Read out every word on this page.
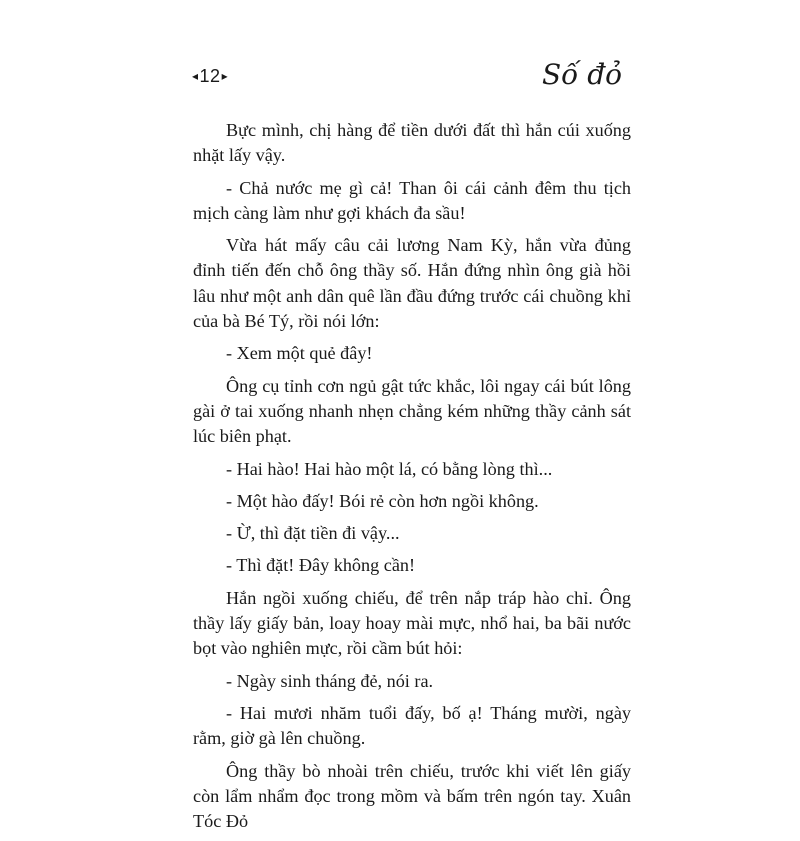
◂ 12 ▸	Số đỏ

Bực mình, chị hàng để tiền dưới đất thì hắn cúi xuống nhặt lấy vậy.

- Chả nước mẹ gì cả! Than ôi cái cảnh đêm thu tịch mịch càng làm như gợi khách đa sầu!

Vừa hát mấy câu cải lương Nam Kỳ, hắn vừa đủng đỉnh tiến đến chỗ ông thầy số. Hắn đứng nhìn ông già hồi lâu như một anh dân quê lần đầu đứng trước cái chuồng khỉ của bà Bé Tý, rồi nói lớn:

- Xem một quẻ đây!

Ông cụ tỉnh cơn ngủ gật tức khắc, lôi ngay cái bút lông gài ở tai xuống nhanh nhẹn chẳng kém những thầy cảnh sát lúc biên phạt.

- Hai hào! Hai hào một lá, có bằng lòng thì...

- Một hào đấy! Bói rẻ còn hơn ngồi không.

- Ừ, thì đặt tiền đi vậy...

- Thì đặt! Đây không cần!

Hắn ngồi xuống chiếu, để trên nắp tráp hào chỉ. Ông thầy lấy giấy bản, loay hoay mài mực, nhổ hai, ba bãi nước bọt vào nghiên mực, rồi cầm bút hỏi:

- Ngày sinh tháng đẻ, nói ra.

- Hai mươi nhăm tuổi đấy, bố ạ! Tháng mười, ngày rằm, giờ gà lên chuồng.

Ông thầy bò nhoài trên chiếu, trước khi viết lên giấy còn lẩm nhẩm đọc trong mồm và bấm trên ngón tay. Xuân Tóc Đỏ
